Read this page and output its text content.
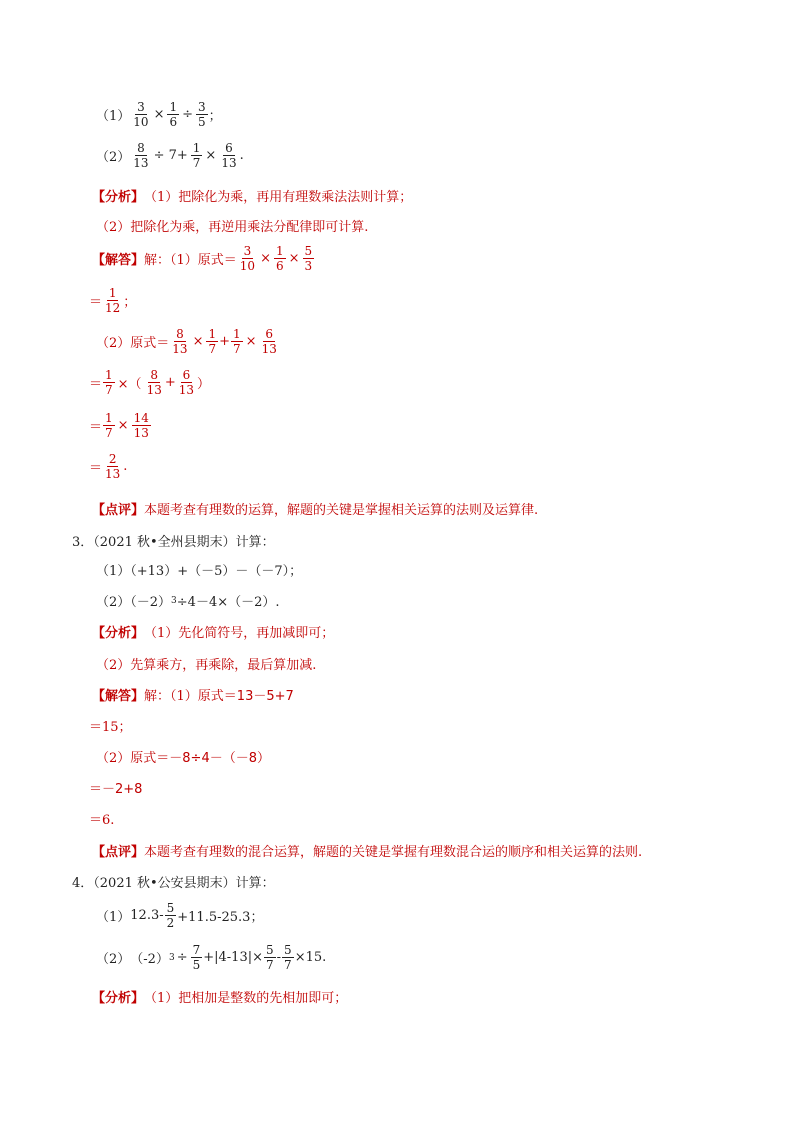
$(1) \frac{3}{10} \times \frac{1}{6} \div \frac{3}{5}$ ；
$(2) \frac{8}{13} \div 7+ \frac{1}{7} \times \frac{6}{13}$ .
【分析】 （1）把除化为乘，再用有理数乘法法则计算；
（2）把除化为乘，再逆用乘法分配律即可计算.
【解答】 解：（1）原式＝ $\frac{3}{10} \times \frac{1}{6} \times \frac{5}{3}$
＝ $\frac{1}{12}$ ；
（2）原式＝ $\frac{8}{13} \times \frac{1}{7} + \frac{1}{7} \times \frac{6}{13}$
＝ $\frac{1}{7}$ ×（ $\frac{8}{13} + \frac{6}{13}$ ）
＝ $\frac{1}{7} \times \frac{14}{13}$
＝ $\frac{2}{13}$ .
【点评】 本题考查有理数的运算，解题的关键是掌握相关运算的法则及运算律.
3．（2021 秋•全州县期末）计算：
（1）（+13）+（－5）－（－7）；
（2）（－2） 3 ÷4－4×（－2）.
【分析】 （1）先化简符号，再加减即可；
（2）先算乘方，再乘除，最后算加减.
【解答】 解：（1）原式＝ 13－5+7
＝15；
（2）原式＝ －8÷4－（－8）
＝－2+8
＝6.
【点评】 本题考查有理数的混合运算，解题的关键是掌握有理数混合运的顺序和相关运算的法则.
4．（2021 秋•公安县期末）计算：
（1） $12.3- \frac{5}{2} +11.5-25.3$；
（2） （-2） $3 \div \frac{7}{5} +|4-13|\times \frac{5}{7} - \frac{5}{7} \times 15$.
【分析】 （1）把相加是整数的先相加即可；
